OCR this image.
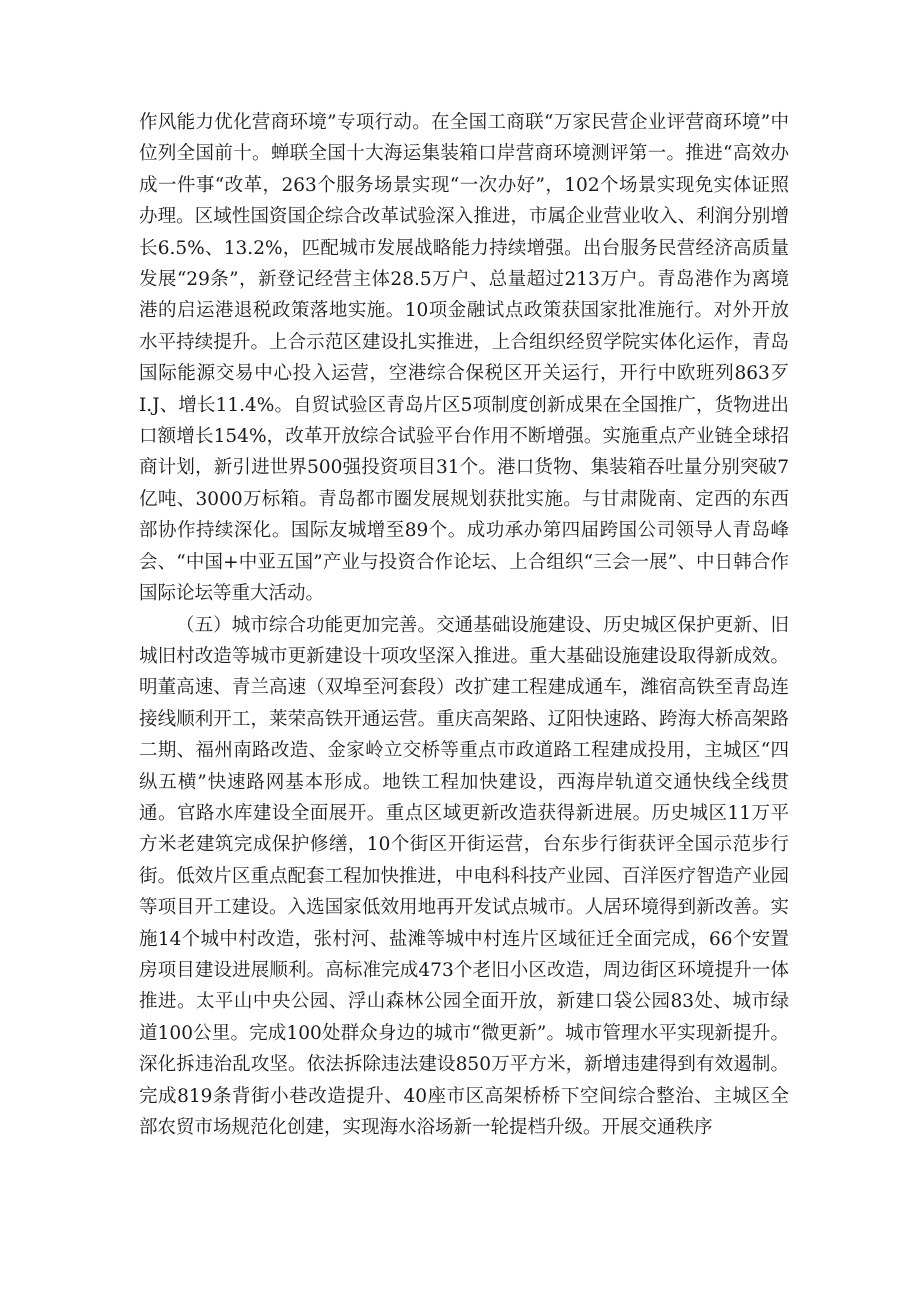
作风能力优化营商环境”专项行动。在全国工商联“万家民营企业评营商环境”中位列全国前十。蝉联全国十大海运集装箱口岸营商环境测评第一。推进“高效办成一件事“改革，263个服务场景实现“一次办好”，102个场景实现免实体证照办理。区域性国资国企综合改革试验深入推进，市属企业营业收入、利润分别增长6.5%、13.2%，匹配城市发展战略能力持续增强。出台服务民营经济高质量发展“29条”，新登记经营主体28.5万户、总量超过213万户。青岛港作为离境港的启运港退税政策落地实施。10项金融试点政策获国家批准施行。对外开放水平持续提升。上合示范区建设扎实推进，上合组织经贸学院实体化运作，青岛国际能源交易中心投入运营，空港综合保税区开关运行，开行中欧班列863歹I.J、增长11.4%。自贸试验区青岛片区5项制度创新成果在全国推广，货物进出口额增长154%，改革开放综合试验平台作用不断增强。实施重点产业链全球招商计划，新引进世界500强投资项目31个。港口货物、集装箱吞吐量分别突破7亿吨、3000万标箱。青岛都市圈发展规划获批实施。与甘肃陇南、定西的东西部协作持续深化。国际友城增至89个。成功承办第四届跨国公司领导人青岛峰会、“中国+中亚五国”产业与投资合作论坛、上合组织“三会一展”、中日韩合作国际论坛等重大活动。

（五）城市综合功能更加完善。交通基础设施建设、历史城区保护更新、旧城旧村改造等城市更新建设十项攻坚深入推进。重大基础设施建设取得新成效。明董高速、青兰高速（双埠至河套段）改扩建工程建成通车，潍宿高铁至青岛连接线顺利开工，莱荣高铁开通运营。重庆高架路、辽阳快速路、跨海大桥高架路二期、福州南路改造、金家岭立交桥等重点市政道路工程建成投用，主城区“四纵五横”快速路网基本形成。地铁工程加快建设，西海岸轨道交通快线全线贯通。官路水库建设全面展开。重点区域更新改造获得新进展。历史城区11万平方米老建筑完成保护修缮，10个街区开街运营，台东步行街获评全国示范步行街。低效片区重点配套工程加快推进，中电科科技产业园、百洋医疗智造产业园等项目开工建设。入选国家低效用地再开发试点城市。人居环境得到新改善。实施14个城中村改造，张村河、盐滩等城中村连片区域征迁全面完成，66个安置房项目建设进展顺利。高标准完成473个老旧小区改造，周边街区环境提升一体推进。太平山中央公园、浮山森林公园全面开放，新建口袋公园83处、城市绿道100公里。完成100处群众身边的城市“微更新”。城市管理水平实现新提升。深化拆违治乱攻坚。依法拆除违法建设850万平方米，新增违建得到有效遏制。完成819条背街小巷改造提升、40座市区高架桥桥下空间综合整治、主城区全部农贸市场规范化创建，实现海水浴场新一轮提档升级。开展交通秩序
